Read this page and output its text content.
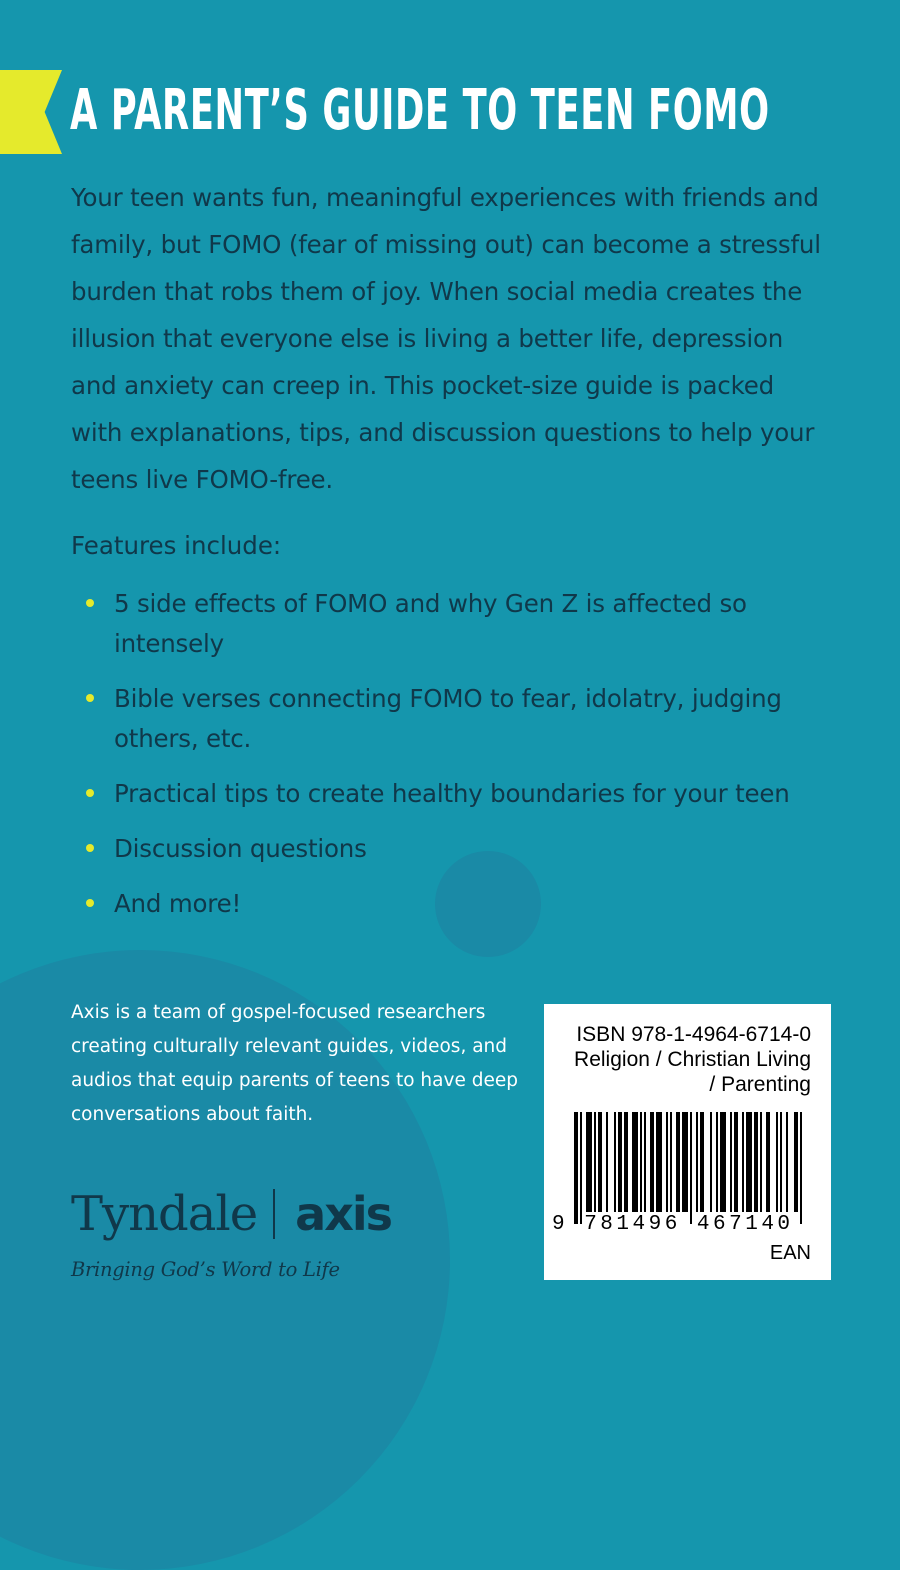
A PARENT’S GUIDE TO TEEN FOMO

Your teen wants fun, meaningful experiences with friends and family, but FOMO (fear of missing out) can become a stressful burden that robs them of joy. When social media creates the illusion that everyone else is living a better life, depression and anxiety can creep in. This pocket-size guide is packed with explanations, tips, and discussion questions to help your teens live FOMO-free.

Features include:

5 side effects of FOMO and why Gen Z is affected so intensely
Bible verses connecting FOMO to fear, idolatry, judging others, etc.
Practical tips to create healthy boundaries for your teen
Discussion questions
And more!

Axis is a team of gospel-focused researchers creating culturally relevant guides, videos, and audios that equip parents of teens to have deep conversations about faith.

Tyndale axis

Bringing God’s Word to Life

ISBN 978-1-4964-6714-0

Religion / Christian Living

/ Parenting

9 781496 467140

EAN
